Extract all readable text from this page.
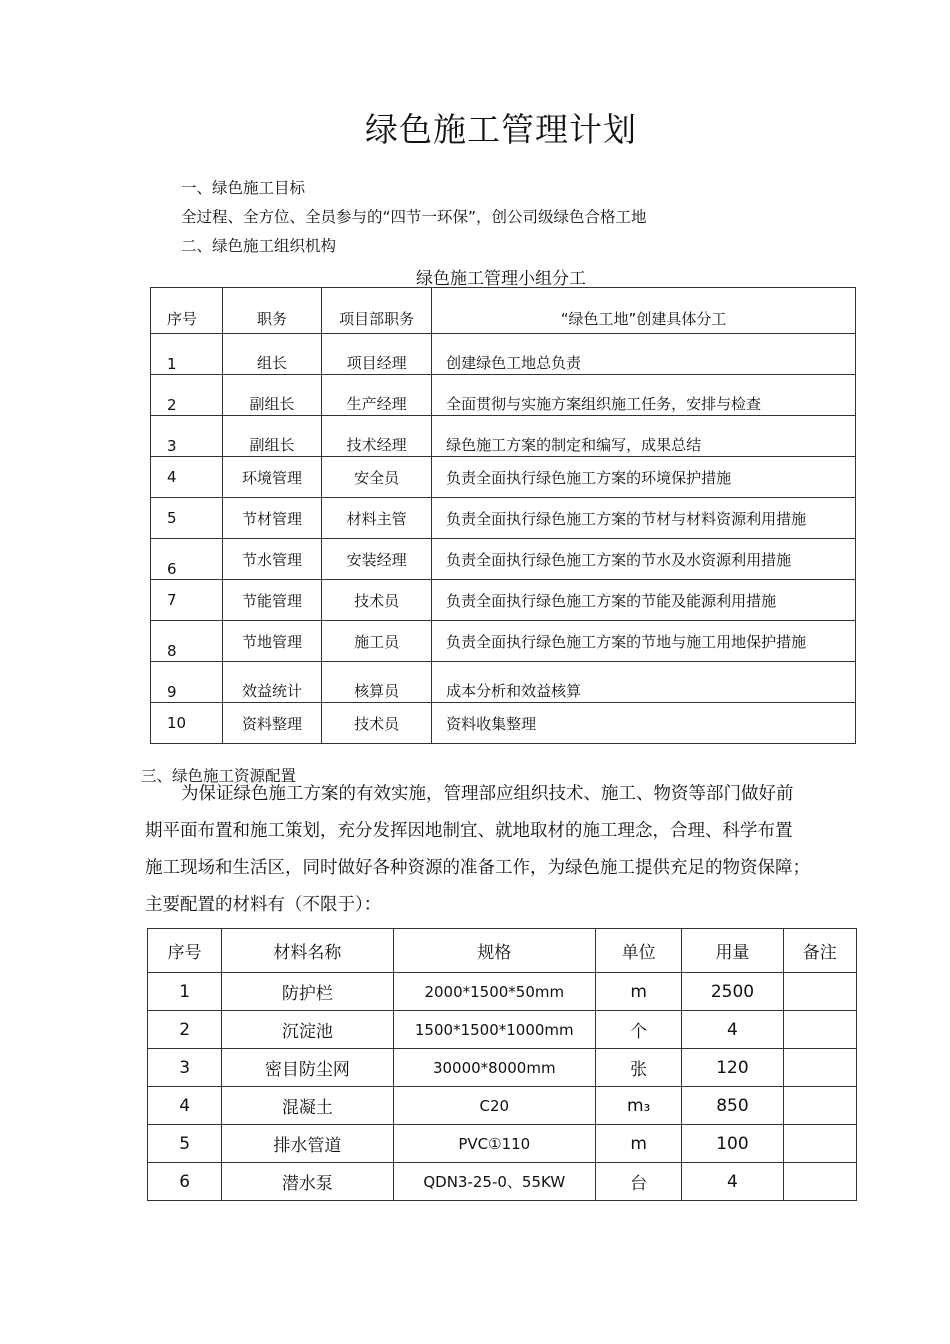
绿色施工管理计划
一、绿色施工目标
全过程、全方位、全员参与的“四节一环保”，创公司级绿色合格工地
二、绿色施工组织机构
绿色施工管理小组分工
序号	职务	项目部职务	“绿色工地”创建具体分工
1	组长	项目经理	创建绿色工地总负责
2	副组长	生产经理	全面贯彻与实施方案组织施工任务，安排与检查
3	副组长	技术经理	绿色施工方案的制定和编写，成果总结
4	环境管理	安全员	负责全面执行绿色施工方案的环境保护措施
5	节材管理	材料主管	负责全面执行绿色施工方案的节材与材料资源利用措施
6	节水管理	安装经理	负责全面执行绿色施工方案的节水及水资源利用措施
7	节能管理	技术员	负责全面执行绿色施工方案的节能及能源利用措施
8	节地管理	施工员	负责全面执行绿色施工方案的节地与施工用地保护措施
9	效益统计	核算员	成本分析和效益核算
10	资料整理	技术员	资料收集整理
三、绿色施工资源配置
为保证绿色施工方案的有效实施，管理部应组织技术、施工、物资等部门做好前
期平面布置和施工策划，充分发挥因地制宜、就地取材的施工理念，合理、科学布置
施工现场和生活区，同时做好各种资源的准备工作，为绿色施工提供充足的物资保障；
主要配置的材料有（不限于）：
序号	材料名称	规格	单位	用量	备注
1	防护栏	2000*1500*50mm	m	2500	
2	沉淀池	1500*1500*1000mm	个	4	
3	密目防尘网	30000*8000mm	张	120	
4	混凝土	C20	m₃	850	
5	排水管道	PVC①110	m	100	
6	潜水泵	QDN3-25-0、55KW	台	4	
